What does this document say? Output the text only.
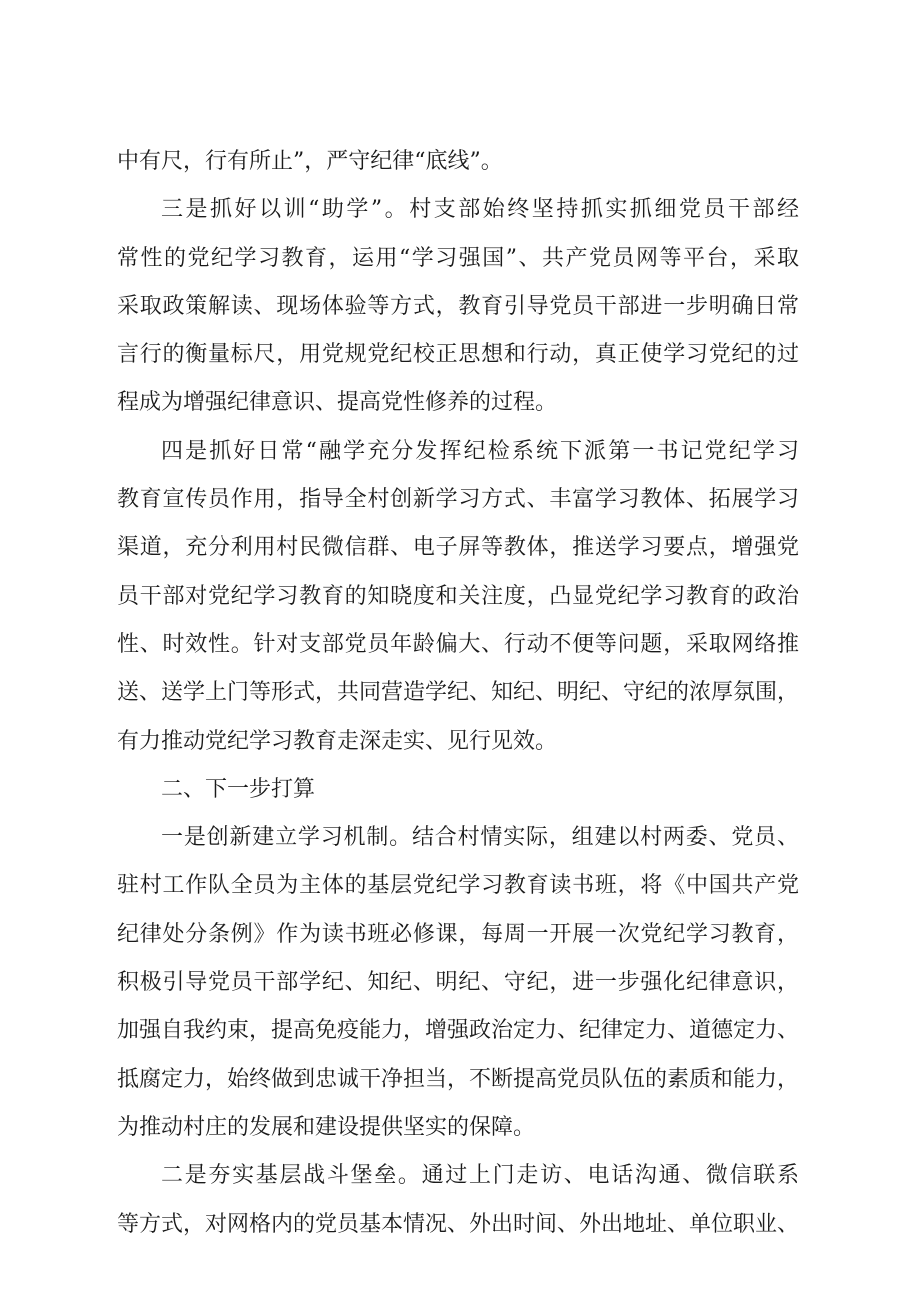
中有尺，行有所止”，严守纪律“底线”。
三是抓好以训“助学”。村支部始终坚持抓实抓细党员干部经
常性的党纪学习教育，运用“学习强国”、共产党员网等平台，采取
采取政策解读、现场体验等方式，教育引导党员干部进一步明确日常
言行的衡量标尺，用党规党纪校正思想和行动，真正使学习党纪的过
程成为增强纪律意识、提高党性修养的过程。
四是抓好日常“融学充分发挥纪检系统下派第一书记党纪学习
教育宣传员作用，指导全村创新学习方式、丰富学习教体、拓展学习
渠道，充分利用村民微信群、电子屏等教体，推送学习要点，增强党
员干部对党纪学习教育的知晓度和关注度，凸显党纪学习教育的政治
性、时效性。针对支部党员年龄偏大、行动不便等问题，采取网络推
送、送学上门等形式，共同营造学纪、知纪、明纪、守纪的浓厚氛围，
有力推动党纪学习教育走深走实、见行见效。
二、下一步打算
一是创新建立学习机制。结合村情实际，组建以村两委、党员、
驻村工作队全员为主体的基层党纪学习教育读书班，将《中国共产党
纪律处分条例》作为读书班必修课，每周一开展一次党纪学习教育，
积极引导党员干部学纪、知纪、明纪、守纪，进一步强化纪律意识，
加强自我约束，提高免疫能力，增强政治定力、纪律定力、道德定力、
抵腐定力，始终做到忠诚干净担当，不断提高党员队伍的素质和能力，
为推动村庄的发展和建设提供坚实的保障。
二是夯实基层战斗堡垒。通过上门走访、电话沟通、微信联系
等方式，对网格内的党员基本情况、外出时间、外出地址、单位职业、
